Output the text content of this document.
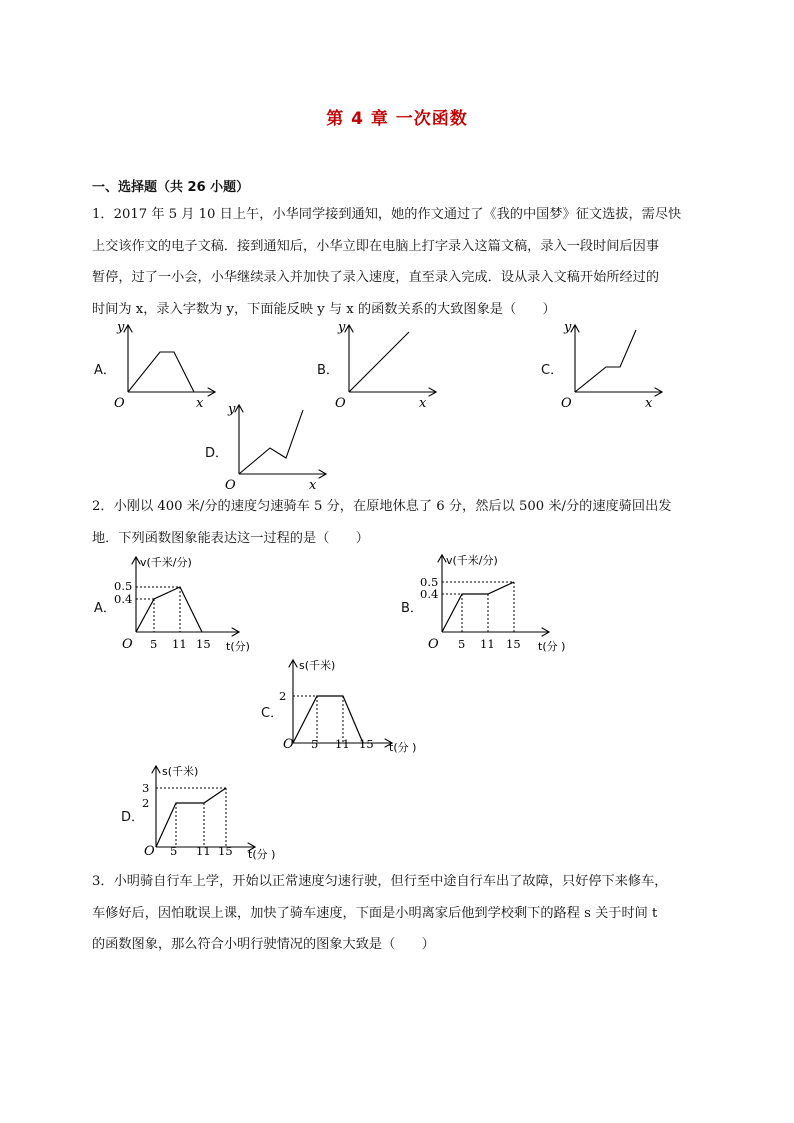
第 4 章 一次函数
一、选择题（共 26 小题）
1．2017 年 5 月 10 日上午，小华同学接到通知，她的作文通过了《我的中国梦》征文选拔，需尽快
上交该作文的电子文稿．接到通知后，小华立即在电脑上打字录入这篇文稿，录入一段时间后因事
暂停，过了一小会，小华继续录入并加快了录入速度，直至录入完成．设从录入文稿开始所经过的
时间为 x，录入字数为 y，下面能反映 y 与 x 的函数关系的大致图象是（　　）
A．
y
x
O
B．
y
x
O
C．
y
x
O
D．
y
x
O
2．小刚以 400 米/分的速度匀速骑车 5 分，在原地休息了 6 分，然后以 500 米/分的速度骑回出发
地．下列函数图象能表达这一过程的是（　　）
A．
v(千米/分)
0.5
0.4
O 5 11 15 t(分)
B．
v(千米/分)
0.5
0.4
O 5 11 15 t(分 )
C．
s(千米)
2
O 5 11 15 t(分 )
D．
s(千米)
3
2
O 5 11 15 t(分 )
3．小明骑自行车上学，开始以正常速度匀速行驶，但行至中途自行车出了故障，只好停下来修车，
车修好后，因怕耽误上课，加快了骑车速度，下面是小明离家后他到学校剩下的路程 s 关于时间 t
的函数图象，那么符合小明行驶情况的图象大致是（　　）
